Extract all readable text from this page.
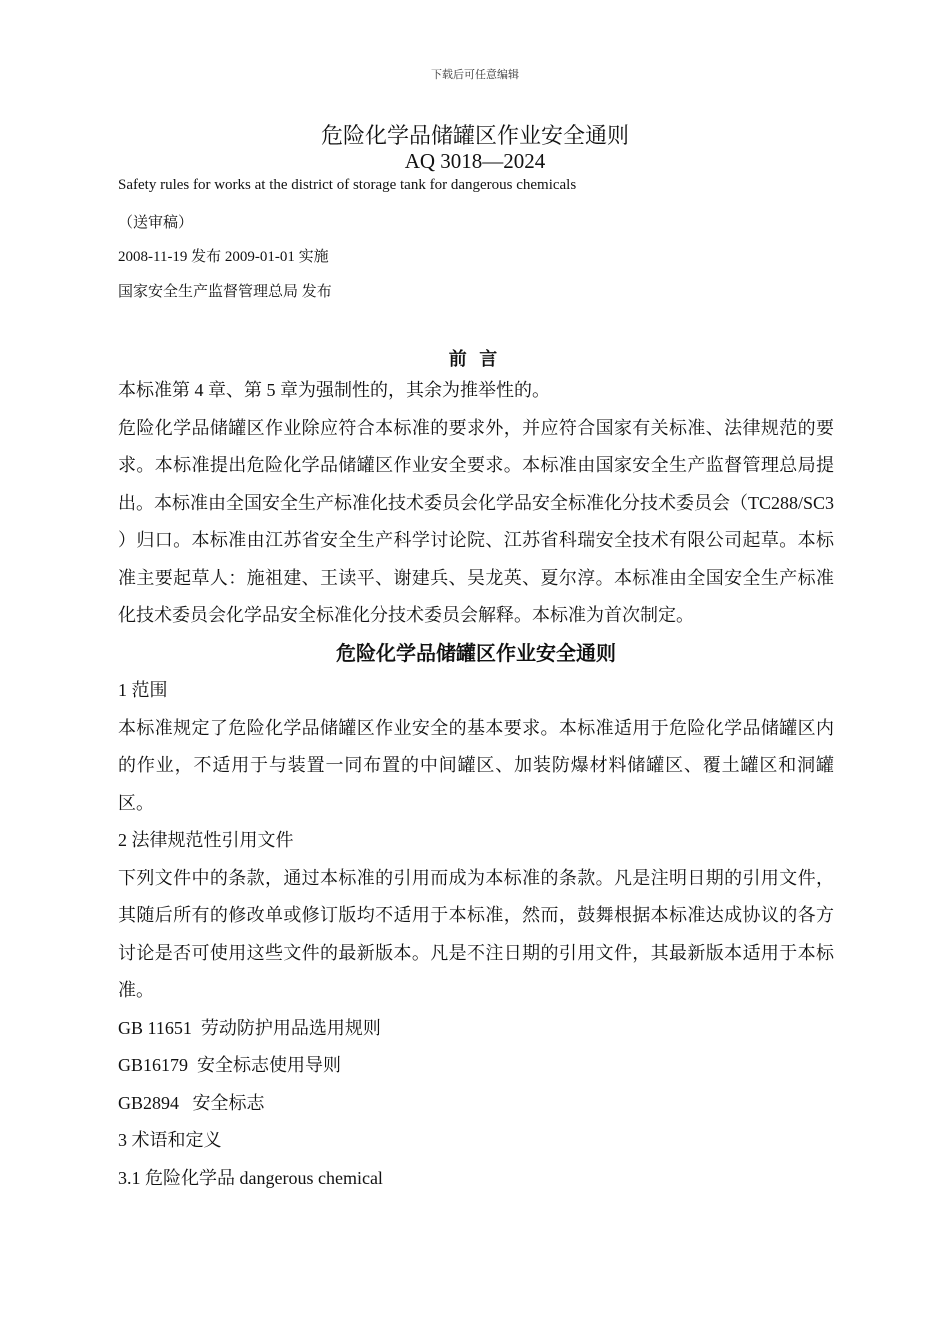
下载后可任意编辑
危险化学品储罐区作业安全通则
AQ 3018—2024
Safety rules for works at the district of storage tank for dangerous chemicals
（送审稿）
2008-11-19 发布 2009-01-01 实施
国家安全生产监督管理总局 发布
前 言

本标准第 4 章、第 5 章为强制性的，其余为推举性的。

危险化学品储罐区作业除应符合本标准的要求外，并应符合国家有关标准、法律规范的要求。本标准提出危险化学品储罐区作业安全要求。本标准由国家安全生产监督管理总局提出。本标准由全国安全生产标准化技术委员会化学品安全标准化分技术委员会（TC288/SC3 ）归口。本标准由江苏省安全生产科学讨论院、江苏省科瑞安全技术有限公司起草。本标准主要起草人：施祖建、王读平、谢建兵、吴龙英、夏尔淳。本标准由全国安全生产标准化技术委员会化学品安全标准化分技术委员会解释。本标准为首次制定。

危险化学品储罐区作业安全通则

1 范围

本标准规定了危险化学品储罐区作业安全的基本要求。本标准适用于危险化学品储罐区内的作业，不适用于与装置一同布置的中间罐区、加装防爆材料储罐区、覆土罐区和洞罐区。

2 法律规范性引用文件

下列文件中的条款，通过本标准的引用而成为本标准的条款。凡是注明日期的引用文件，其随后所有的修改单或修订版均不适用于本标准，然而，鼓舞根据本标准达成协议的各方讨论是否可使用这些文件的最新版本。凡是不注日期的引用文件，其最新版本适用于本标准。

GB 11651  劳动防护用品选用规则

GB16179  安全标志使用导则

GB2894   安全标志

3 术语和定义

3.1 危险化学品 dangerous chemical
